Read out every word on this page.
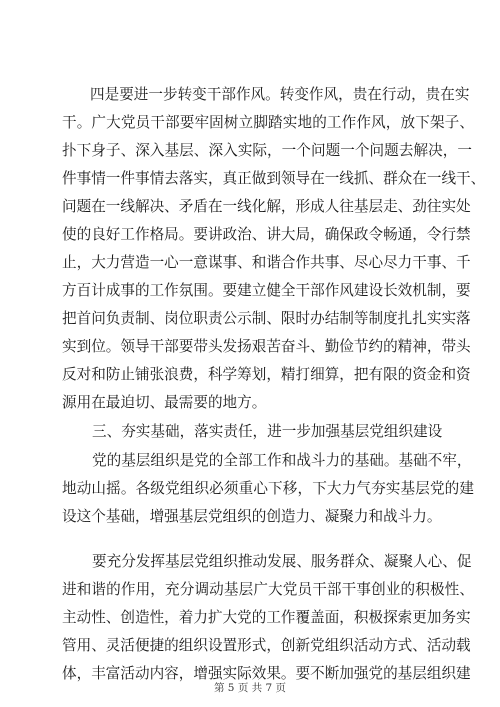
四是要进一步转变干部作风。转变作风，贵在行动，贵在实
干。广大党员干部要牢固树立脚踏实地的工作作风，放下架子、
扑下身子、深入基层、深入实际，一个问题一个问题去解决，一
件事情一件事情去落实，真正做到领导在一线抓、群众在一线干、
问题在一线解决、矛盾在一线化解，形成人往基层走、劲往实处
使的良好工作格局。要讲政治、讲大局，确保政令畅通，令行禁
止，大力营造一心一意谋事、和谐合作共事、尽心尽力干事、千
方百计成事的工作氛围。要建立健全干部作风建设长效机制，要
把首问负责制、岗位职责公示制、限时办结制等制度扎扎实实落
实到位。领导干部要带头发扬艰苦奋斗、勤俭节约的精神，带头
反对和防止铺张浪费，科学筹划，精打细算，把有限的资金和资
源用在最迫切、最需要的地方。
三、夯实基础，落实责任，进一步加强基层党组织建设
党的基层组织是党的全部工作和战斗力的基础。基础不牢，
地动山摇。各级党组织必须重心下移，下大力气夯实基层党的建
设这个基础，增强基层党组织的创造力、凝聚力和战斗力。
要充分发挥基层党组织推动发展、服务群众、凝聚人心、促
进和谐的作用，充分调动基层广大党员干部干事创业的积极性、
主动性、创造性，着力扩大党的工作覆盖面，积极探索更加务实
管用、灵活便捷的组织设置形式，创新党组织活动方式、活动载
体，丰富活动内容，增强实际效果。要不断加强党的基层组织建
第 5 页 共 7 页
